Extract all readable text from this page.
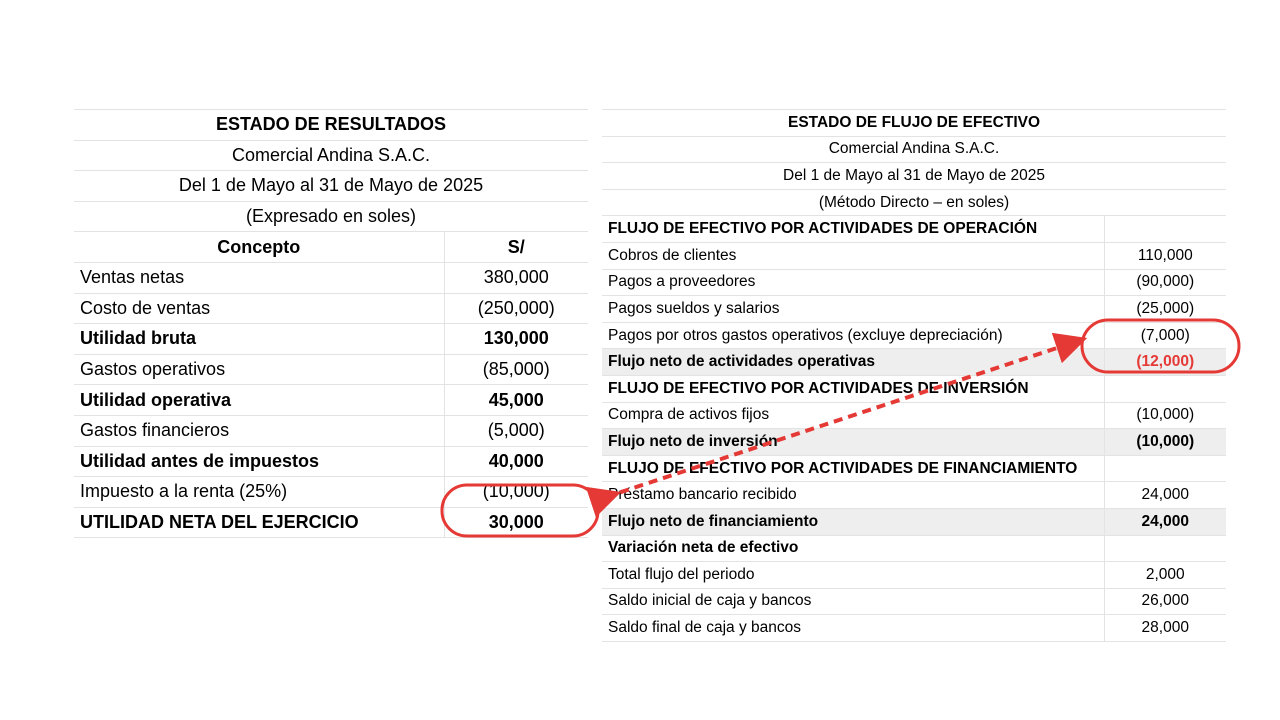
ESTADO DE RESULTADOS	
Comercial Andina S.A.C.	
Del 1 de Mayo al 31 de Mayo de 2025	
(Expresado en soles)	
Concepto	S/
Ventas netas	380,000
Costo de ventas	(250,000)
Utilidad bruta	130,000
Gastos operativos	(85,000)
Utilidad operativa	45,000
Gastos financieros	(5,000)
Utilidad antes de impuestos	40,000
Impuesto a la renta (25%)	(10,000)
UTILIDAD NETA DEL EJERCICIO	30,000
ESTADO DE FLUJO DE EFECTIVO	
Comercial Andina S.A.C.	
Del 1 de Mayo al 31 de Mayo de 2025	
(Método Directo – en soles)	
FLUJO DE EFECTIVO POR ACTIVIDADES DE OPERACIÓN	
Cobros de clientes	110,000
Pagos a proveedores	(90,000)
Pagos sueldos y salarios	(25,000)
Pagos por otros gastos operativos (excluye depreciación)	(7,000)
Flujo neto de actividades operativas	(12,000)
FLUJO DE EFECTIVO POR ACTIVIDADES DE INVERSIÓN	
Compra de activos fijos	(10,000)
Flujo neto de inversión	(10,000)
FLUJO DE EFECTIVO POR ACTIVIDADES DE FINANCIAMIENTO	
Préstamo bancario recibido	24,000
Flujo neto de financiamiento	24,000
Variación neta de efectivo	
Total flujo del periodo	2,000
Saldo inicial de caja y bancos	26,000
Saldo final de caja y bancos	28,000
